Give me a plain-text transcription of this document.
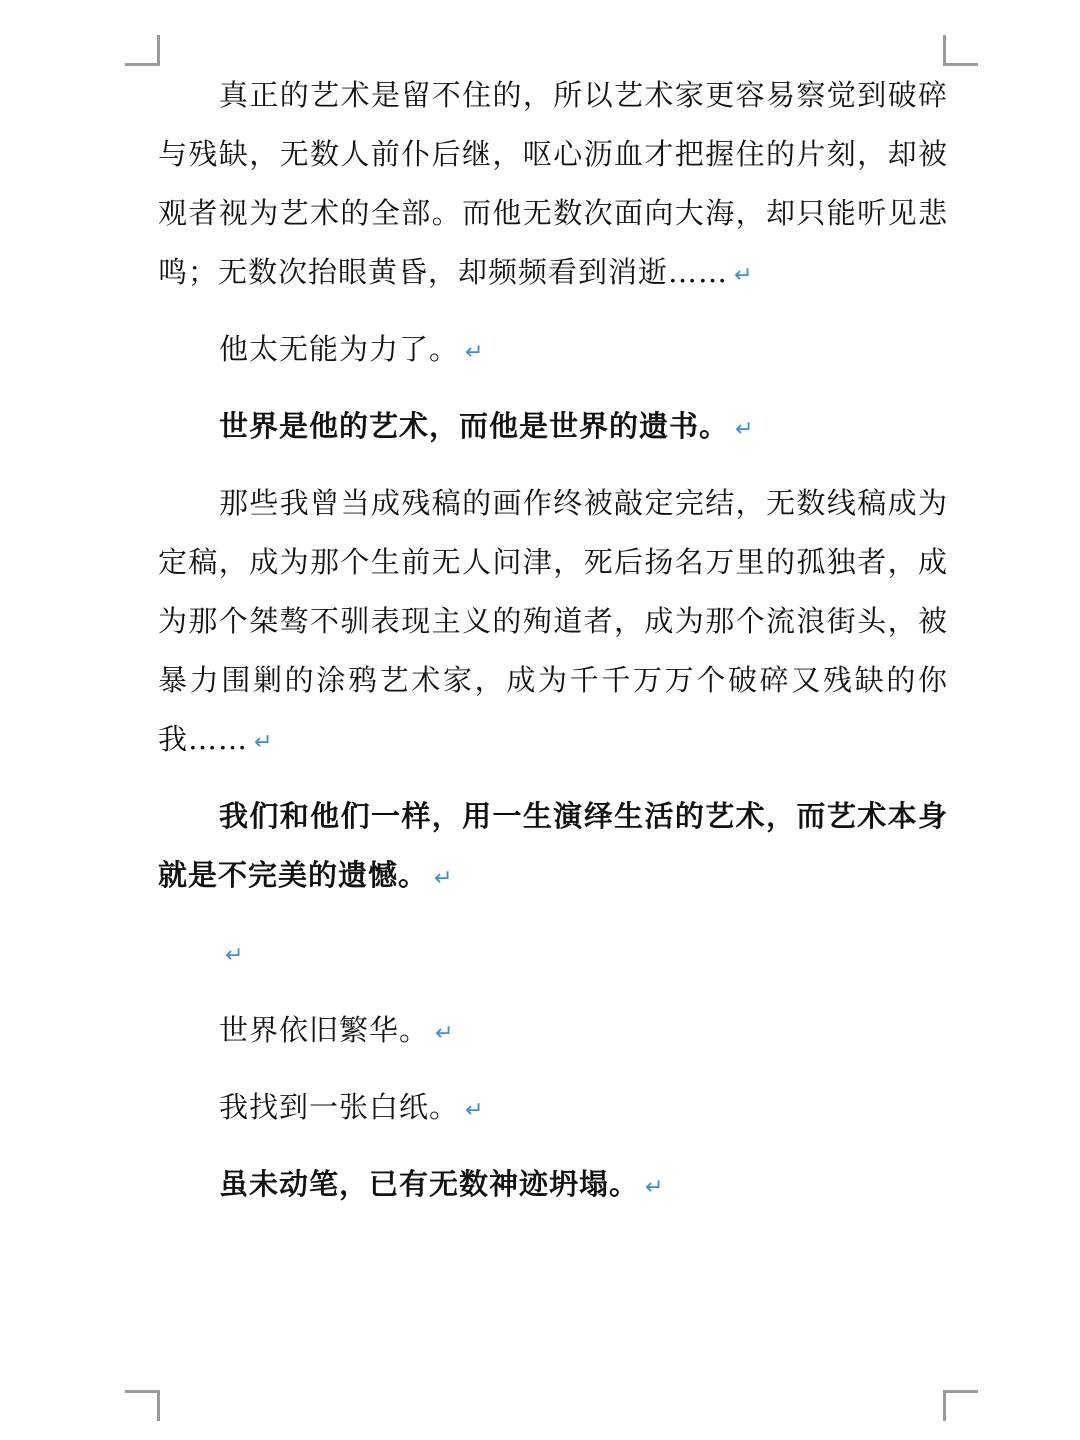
真正的艺术是留不住的，所以艺术家更容易察觉到破碎与残缺，无数人前仆后继，呕心沥血才把握住的片刻，却被观者视为艺术的全部。而他无数次面向大海，却只能听见悲鸣；无数次抬眼黄昏，却频频看到消逝…… ↵

他太无能为力了。 ↵

世界是他的艺术，而他是世界的遗书。 ↵

那些我曾当成残稿的画作终被敲定完结，无数线稿成为定稿，成为那个生前无人问津，死后扬名万里的孤独者，成为那个桀骜不驯表现主义的殉道者，成为那个流浪街头，被暴力围剿的涂鸦艺术家，成为千千万万个破碎又残缺的你我…… ↵

我们和他们一样，用一生演绎生活的艺术，而艺术本身就是不完美的遗憾。 ↵

↵

世界依旧繁华。 ↵

我找到一张白纸。 ↵

虽未动笔，已有无数神迹坍塌。 ↵
